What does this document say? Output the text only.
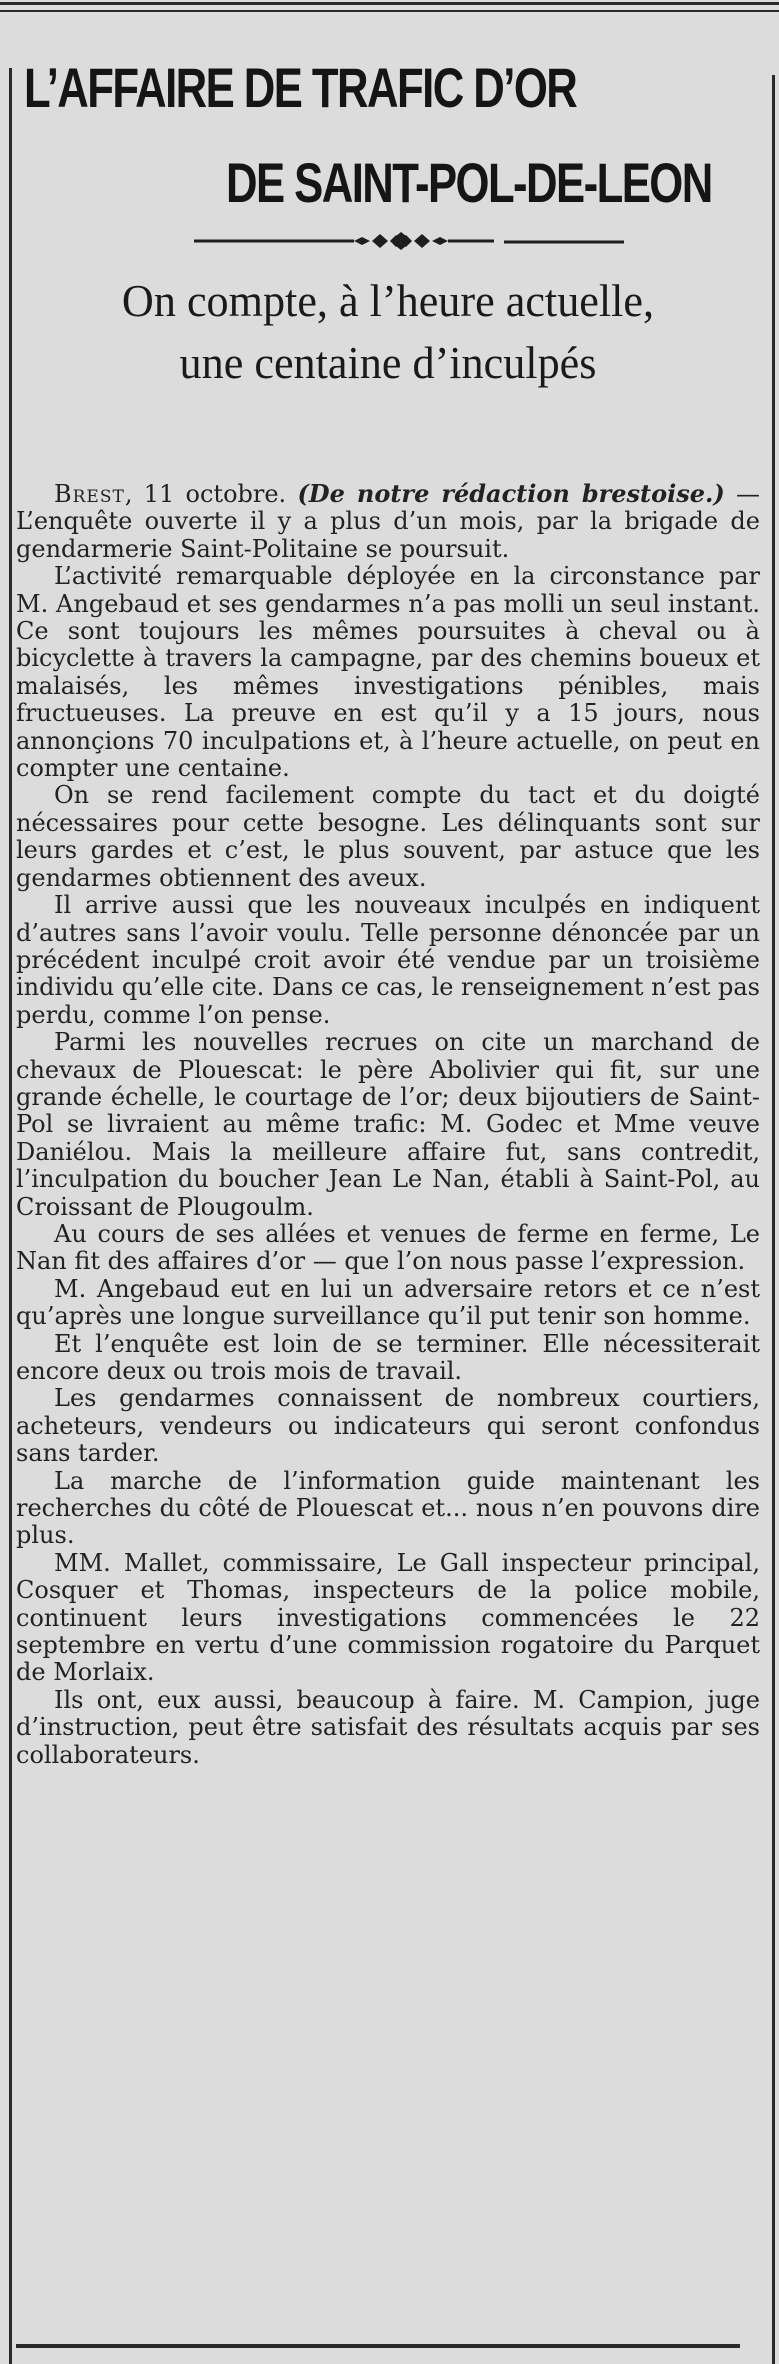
L’AFFAIRE DE TRAFIC D’OR
DE SAINT-POL-DE-LEON
On compte, à l’heure actuelle,
une centaine d’inculpés

Brest, 11 octobre. (De notre rédaction brestoise.) — L’enquête ouverte il y a plus d’un mois, par la brigade de gendarmerie Saint-Politaine se poursuit.

L’activité remarquable déployée en la circonstance par M. Angebaud et ses gendarmes n’a pas molli un seul instant. Ce sont toujours les mêmes poursuites à cheval ou à bicyclette à travers la campagne, par des chemins boueux et malaisés, les mêmes investigations pénibles, mais fructueuses. La preuve en est qu’il y a 15 jours, nous annonçions 70 inculpations et, à l’heure actuelle, on peut en compter une centaine.

On se rend facilement compte du tact et du doigté nécessaires pour cette besogne. Les délinquants sont sur leurs gardes et c’est, le plus souvent, par astuce que les gendarmes obtiennent des aveux.

Il arrive aussi que les nouveaux inculpés en indiquent d’autres sans l’avoir voulu. Telle personne dénoncée par un précédent inculpé croit avoir été vendue par un troisième individu qu’elle cite. Dans ce cas, le renseignement n’est pas perdu, comme l’on pense.

Parmi les nouvelles recrues on cite un marchand de chevaux de Plouescat: le père Abolivier qui fit, sur une grande échelle, le courtage de l’or; deux bijoutiers de Saint-Pol se livraient au même trafic: M. Godec et Mme veuve Daniélou. Mais la meilleure affaire fut, sans contredit, l’inculpation du boucher Jean Le Nan, établi à Saint-Pol, au Croissant de Plougoulm.

Au cours de ses allées et venues de ferme en ferme, Le Nan fit des affaires d’or — que l’on nous passe l’expression.

M. Angebaud eut en lui un adversaire retors et ce n’est qu’après une longue surveillance qu’il put tenir son homme.

Et l’enquête est loin de se terminer. Elle nécessiterait encore deux ou trois mois de travail.

Les gendarmes connaissent de nombreux courtiers, acheteurs, vendeurs ou indicateurs qui seront confondus sans tarder.

La marche de l’information guide maintenant les recherches du côté de Plouescat et... nous n’en pouvons dire plus.

MM. Mallet, commissaire, Le Gall inspecteur principal, Cosquer et Thomas, inspecteurs de la police mobile, continuent leurs investigations commencées le 22 septembre en vertu d’une commission rogatoire du Parquet de Morlaix.

Ils ont, eux aussi, beaucoup à faire. M. Campion, juge d’instruction, peut être satisfait des résultats acquis par ses collaborateurs.
